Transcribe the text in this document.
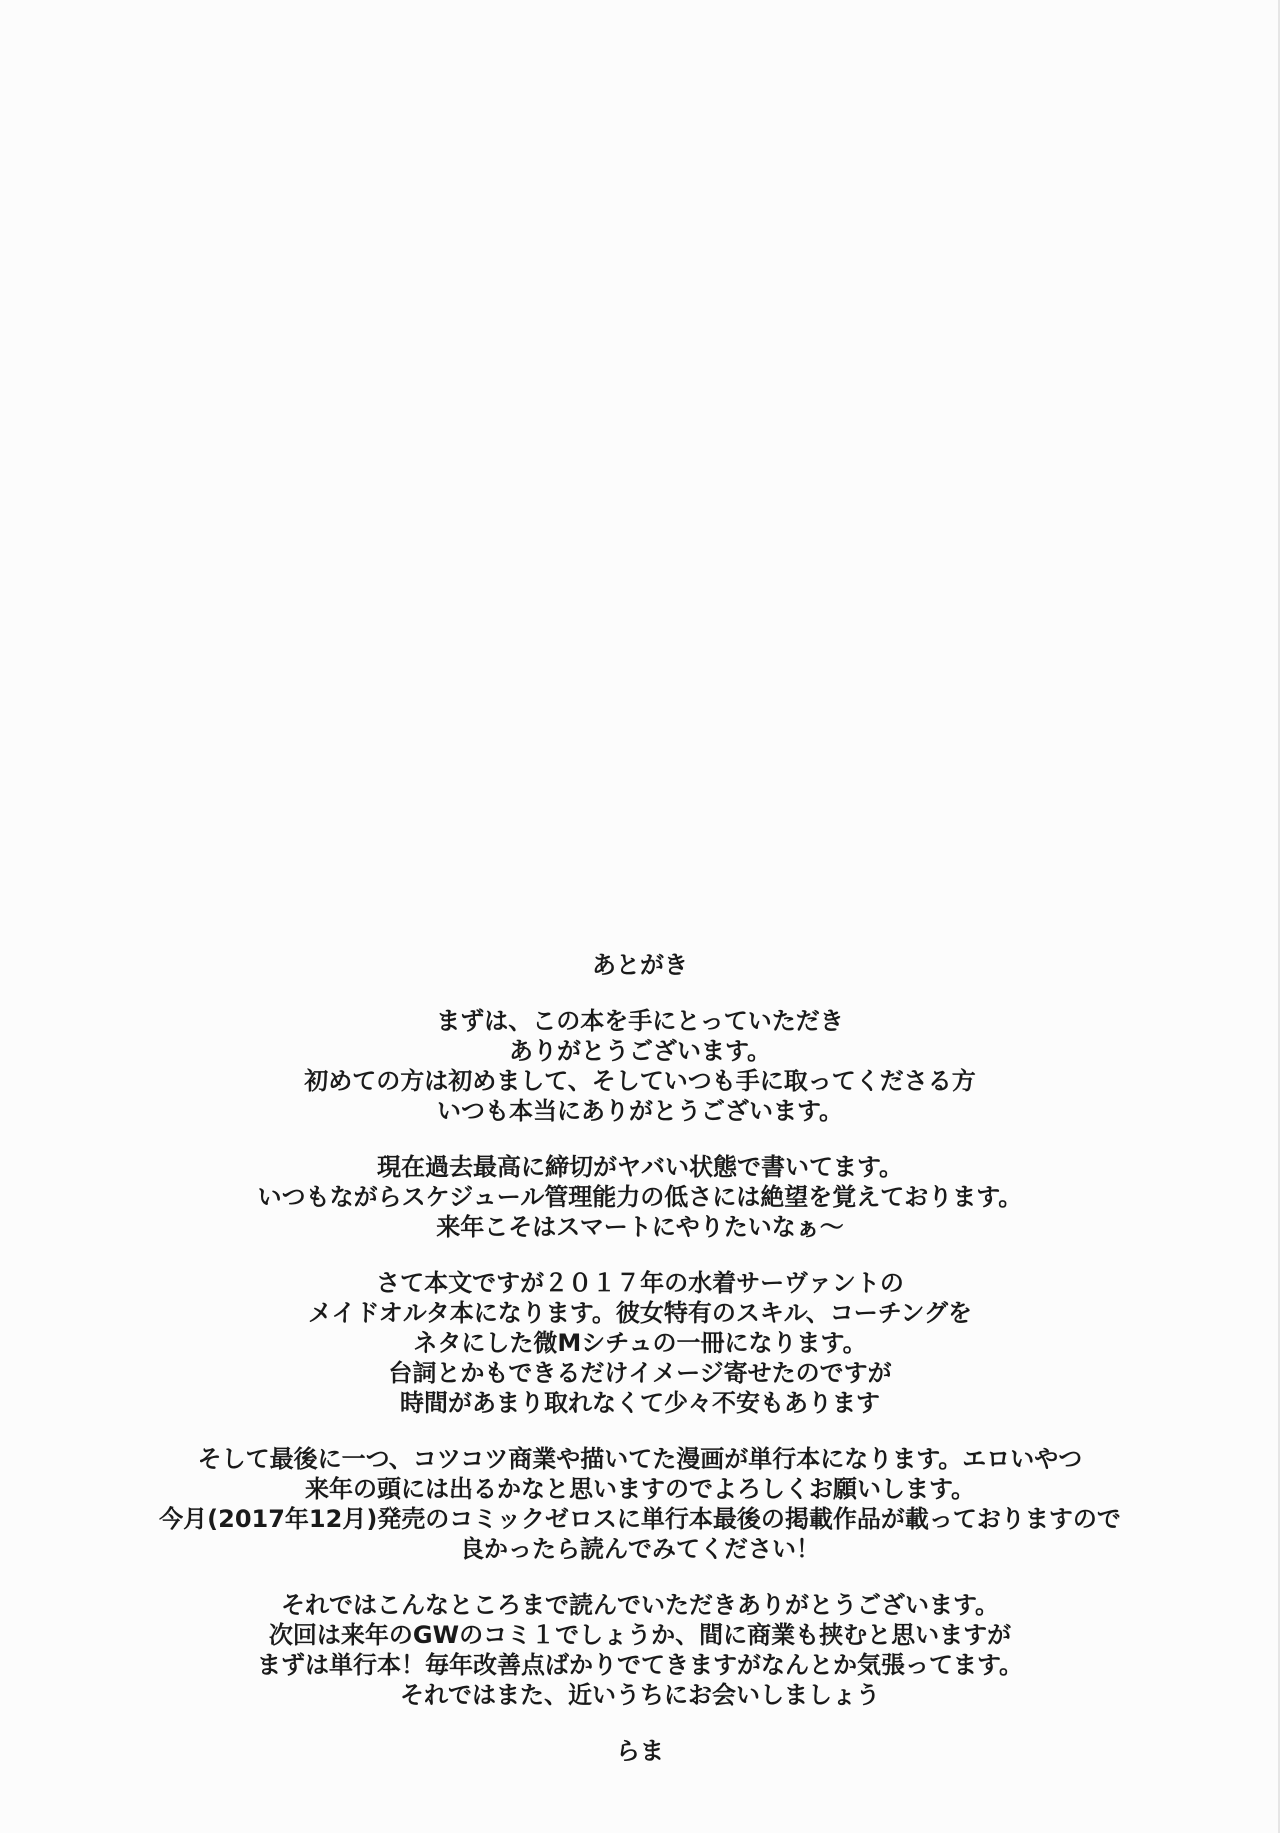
あとがき
まずは、この本を手にとっていただき
ありがとうございます。
初めての方は初めまして、そしていつも手に取ってくださる方
いつも本当にありがとうございます。
現在過去最高に締切がヤバい状態で書いてます。
いつもながらスケジュール管理能力の低さには絶望を覚えております。
来年こそはスマートにやりたいなぁ～
さて本文ですが２０１７年の水着サーヴァントの
メイドオルタ本になります。彼女特有のスキル、コーチングを
ネタにした微Mシチュの一冊になります。
台詞とかもできるだけイメージ寄せたのですが
時間があまり取れなくて少々不安もあります
そして最後に一つ、コツコツ商業や描いてた漫画が単行本になります。エロいやつ
来年の頭には出るかなと思いますのでよろしくお願いします。
今月(2017年12月)発売のコミックゼロスに単行本最後の掲載作品が載っておりますので
良かったら読んでみてください！
それではこんなところまで読んでいただきありがとうございます。
次回は来年のGWのコミ１でしょうか、間に商業も挟むと思いますが
まずは単行本！毎年改善点ばかりでてきますがなんとか気張ってます。
それではまた、近いうちにお会いしましょう
らま
